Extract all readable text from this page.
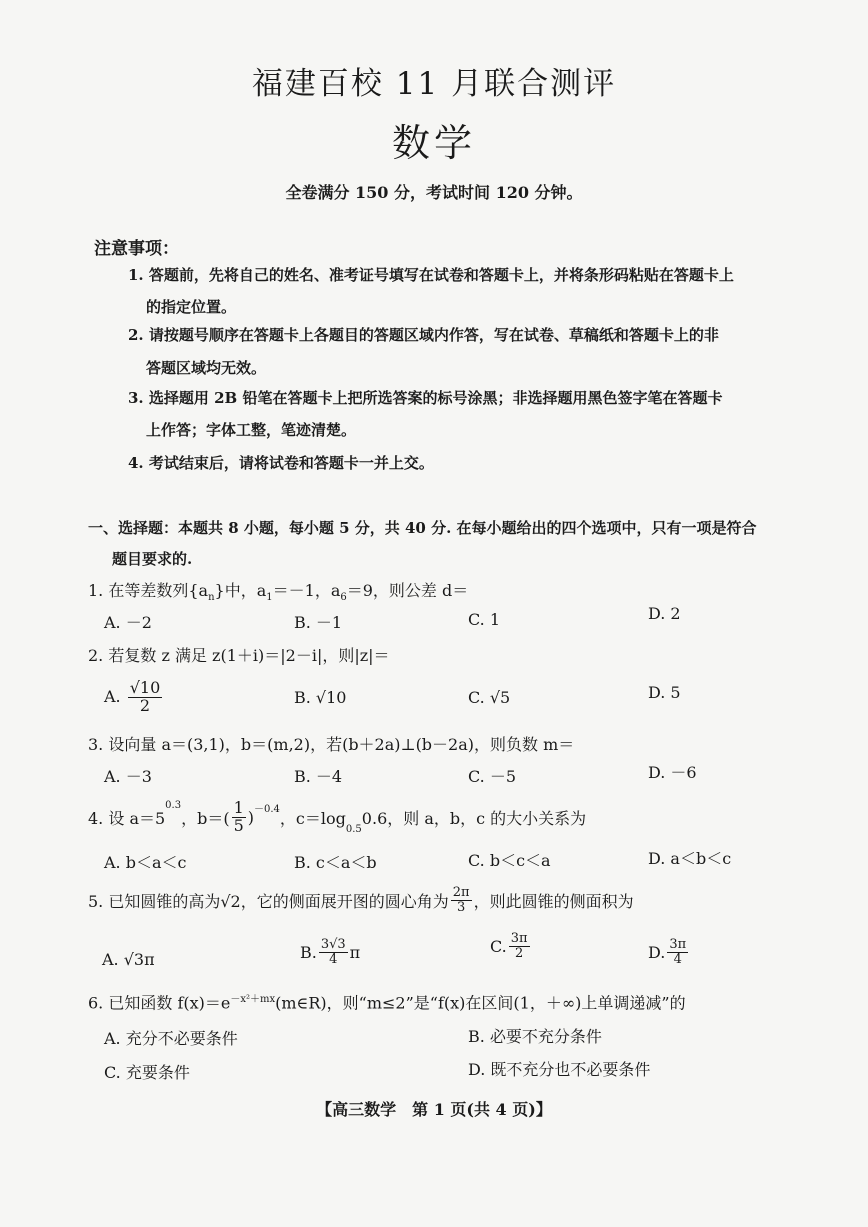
福建百校 11 月联合测评
数学
全卷满分 150 分，考试时间 120 分钟。
注意事项：
1. 答题前，先将自己的姓名、准考证号填写在试卷和答题卡上，并将条形码粘贴在答题卡上
的指定位置。
2. 请按题号顺序在答题卡上各题目的答题区域内作答，写在试卷、草稿纸和答题卡上的非
答题区域均无效。
3. 选择题用 2B 铅笔在答题卡上把所选答案的标号涂黑；非选择题用黑色签字笔在答题卡
上作答；字体工整，笔迹清楚。
4. 考试结束后，请将试卷和答题卡一并上交。
一、选择题：本题共 8 小题，每小题 5 分，共 40 分. 在每小题给出的四个选项中，只有一项是符合
题目要求的.
1. 在等差数列$\{a_n\}$中，$a_1=-1$，$a_6=9$，则公差 d＝
A. －2	B. －1	C. 1	D. 2
2. 若复数 z 满足 z(1＋i)＝|2－i|，则|z|＝
A. $\frac{√10}{2}$	B. √10	C. √5	D. 5
3. 设向量 a＝(3,1)，b＝(m,2)，若(b＋2a)⊥(b－2a)，则负数 m＝
A. －3	B. －4	C. －5	D. －6
4. 设 a＝5
$^{0.3}$
，$b=( \frac{1}{5} )^{-0.4}$ ，c＝log
$_{0.5}$
0.6，则 a，b，c 的大小关系为
A. b＜a＜c	B. c＜a＜b	C. b＜c＜a	D. a＜b＜c
5. 已知圆锥的高为√2，它的侧面展开图的圆心角为 $\frac{2\pi}{3}$ ，则此圆锥的侧面积为
A. √3π	B. $\frac{3√3}{4}$ π	C. $\frac{3\pi}{2}$	D. $\frac{3\pi}{4}$
6. 已知函数 $f(x)=e^{-x^2+mx}(m\in R)$，则“m≤2”是“f(x)在区间(1，＋∞)上单调递减”的
A. 充分不必要条件	B. 必要不充分条件
C. 充要条件	D. 既不充分也不必要条件
【高三数学　第 1 页(共 4 页)】
